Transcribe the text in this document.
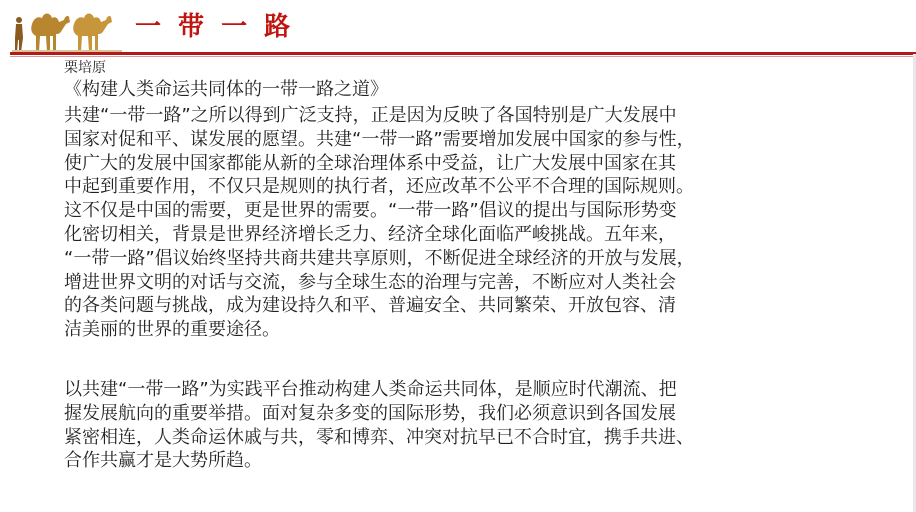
一 带 一 路
栗培原
《构建人类命运共同体的一带一路之道》
共建“一带一路”之所以得到广泛支持，正是因为反映了各国特别是广大发展中
国家对促和平、谋发展的愿望。共建“一带一路”需要增加发展中国家的参与性，
使广大的发展中国家都能从新的全球治理体系中受益，让广大发展中国家在其
中起到重要作用，不仅只是规则的执行者，还应改革不公平不合理的国际规则。
这不仅是中国的需要，更是世界的需要。“一带一路”倡议的提出与国际形势变
化密切相关，背景是世界经济增长乏力、经济全球化面临严峻挑战。五年来，
“一带一路”倡议始终坚持共商共建共享原则，不断促进全球经济的开放与发展，
增进世界文明的对话与交流，参与全球生态的治理与完善，不断应对人类社会
的各类问题与挑战，成为建设持久和平、普遍安全、共同繁荣、开放包容、清
洁美丽的世界的重要途径。
以共建“一带一路”为实践平台推动构建人类命运共同体，是顺应时代潮流、把
握发展航向的重要举措。面对复杂多变的国际形势，我们必须意识到各国发展
紧密相连，人类命运休戚与共，零和博弈、冲突对抗早已不合时宜，携手共进、
合作共赢才是大势所趋。
